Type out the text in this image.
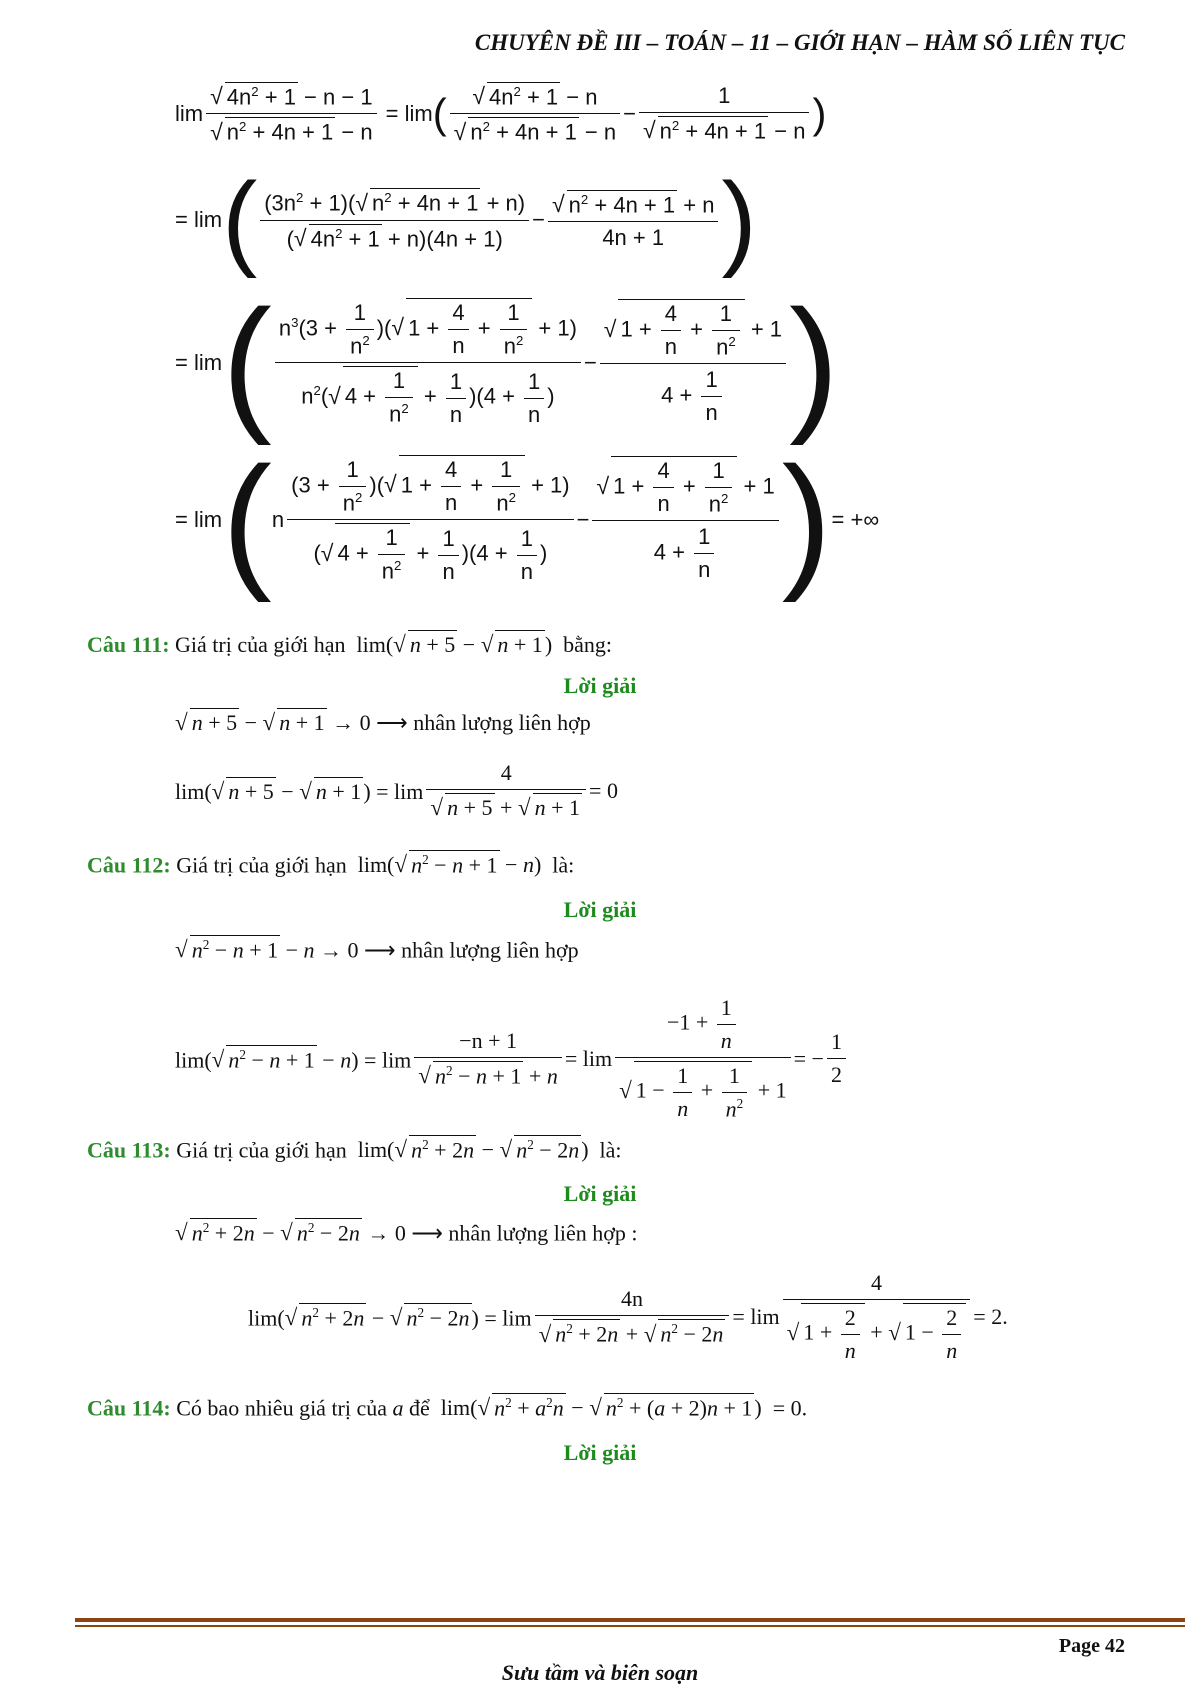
CHUYÊN ĐỀ III – TOÁN – 11 – GIỚI HẠN – HÀM SỐ LIÊN TỤC
$\lim \frac{√ 4n^2 + 1 - n - 1}{√ n^2 + 4n + 1 - n} = \lim$ ( $\frac{√ 4n^2 + 1 - n}{√ n^2 + 4n + 1 - n} - \frac{1}{√ n^2 + 4n + 1 - n}$ )
= lim ( $\frac{(3n^2 + 1)(√ n^2 + 4n + 1 + n)}{(√ 4n^2 + 1 + n)(4n + 1)} - \frac{√ n^2 + 4n + 1 + n}{4n + 1}$ )
= lim ( $\frac{n^3(3 + \frac{1}{n^2} )(√ 1 + \frac{4}{n} + \frac{1}{n^2} + 1)}{n^2(√ 4 + \frac{1}{n^2} + \frac{1}{n} )(4 + \frac{1}{n} )} - \frac{√ 1 + \frac{4}{n} + \frac{1}{n^2} + 1}{4 + \frac{1}{n}}$ )
= lim ( n $\frac{(3 + \frac{1}{n^2} )(√ 1 + \frac{4}{n} + \frac{1}{n^2} + 1)}{(√ 4 + \frac{1}{n^2} + \frac{1}{n} )(4 + \frac{1}{n} )} - \frac{√ 1 + \frac{4}{n} + \frac{1}{n^2} + 1}{4 + \frac{1}{n}}$ ) = +∞
Câu 111: Giá trị của giới hạn  lim(√ n + 5 − √ n + 1)  bằng:
Lời giải
√ n + 5 − √ n + 1 → 0 ⟶ nhân lượng liên hợp
lim(√ n + 5 − √ $n + 1) = \lim \frac{4}{√ n + 5 + √ n + 1} = 0$
Câu 112: Giá trị của giới hạn  lim(√ $n^2 - n + 1 - n$)  là:
Lời giải
√ $n^2 - n + 1 - n \to 0$ ⟶ nhân lượng liên hợp
lim(√ $n^2 - n + 1 - n) = \lim \frac{-n + 1}{√ n^2 - n + 1 + n} = \lim \frac{-1 + \frac{1}{n}}{√ 1 - \frac{1}{n} + \frac{1}{n^2} + 1}$ = − $\frac{1}{2}$
Câu 113: Giá trị của giới hạn  lim(√ $n^2 + 2n$ − √ $n^2 - 2n$)  là:
Lời giải
√ $n^2 + 2n$ − √ $n^2 - 2n \to 0$ ⟶ nhân lượng liên hợp :
lim(√ $n^2 + 2n$ − √ $n^2 - 2n) = \lim \frac{4n}{√ n^2 + 2n + √ n^2 - 2n} = \lim \frac{4}{√ 1 + \frac{2}{n} + √ 1 - \frac{2}{n}} = 2$.
Câu 114: Có bao nhiêu giá trị của a để  lim(√ $n^2 + a^2n$ − √ $n^2 + (a + 2)n + 1) = 0$.
Lời giải
Page 42
Sưu tầm và biên soạn
